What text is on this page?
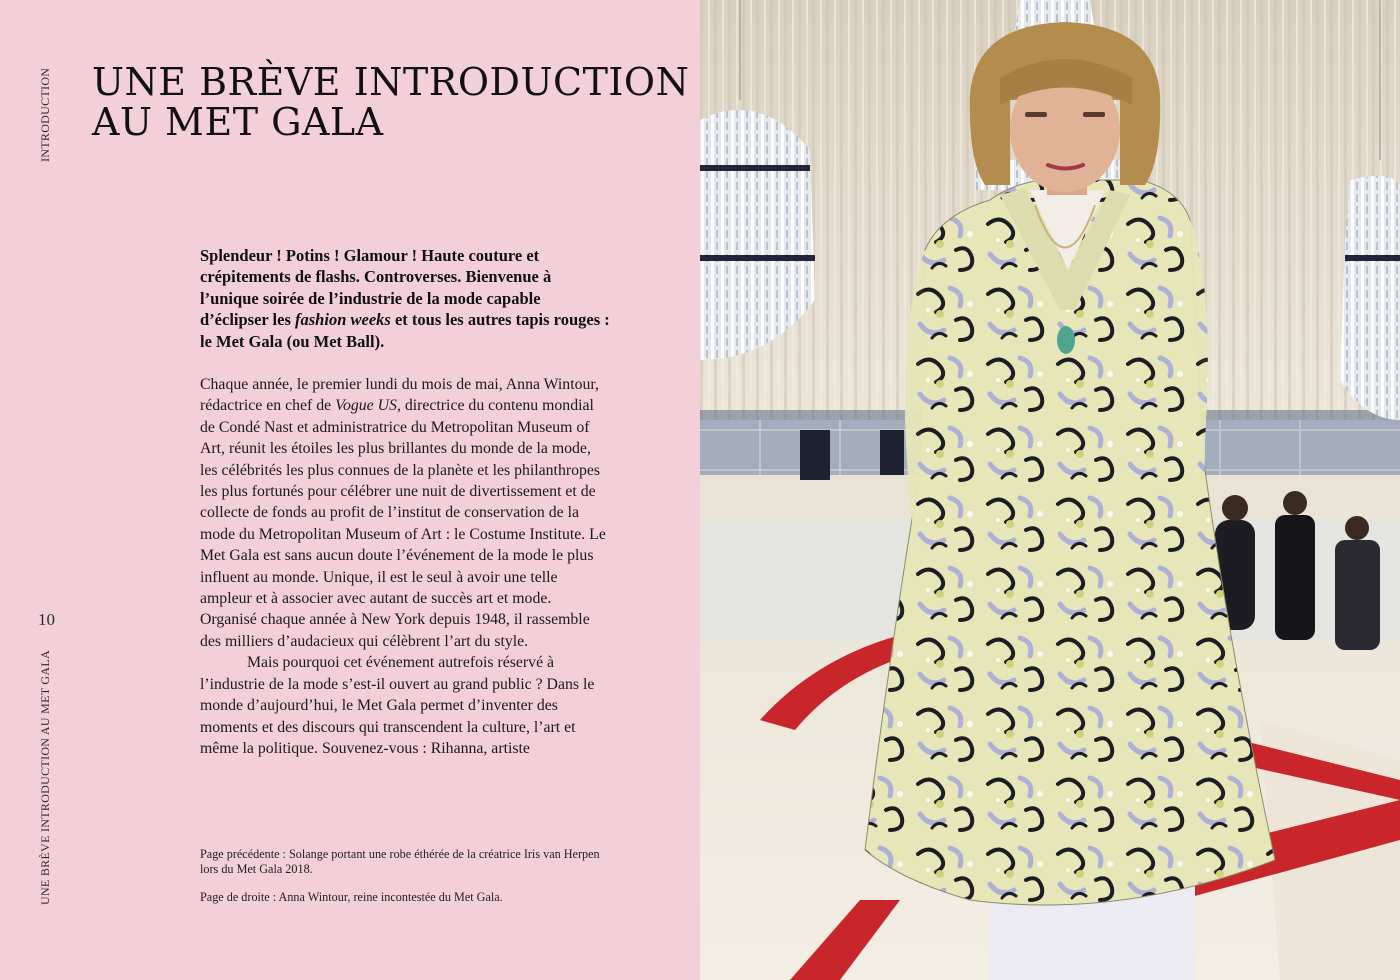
INTRODUCTION
10
UNE BRÈVE INTRODUCTION AU MET GALA
UNE BRÈVE INTRODUCTION
AU MET GALA

Splendeur ! Potins ! Glamour ! Haute couture et crépitements de flashs. Controverses. Bienvenue à l’unique soirée de l’industrie de la mode capable d’éclipser les fashion weeks et tous les autres tapis rouges : le Met Gala (ou Met Ball).

Chaque année, le premier lundi du mois de mai, Anna Wintour, rédactrice en chef de Vogue US, directrice du contenu mondial de Condé Nast et administratrice du Metropolitan Museum of Art, réunit les étoiles les plus brillantes du monde de la mode, les célébrités les plus connues de la planète et les philanthropes les plus fortunés pour célébrer une nuit de divertissement et de collecte de fonds au profit de l’institut de conservation de la mode du Metropolitan Museum of Art : le Costume Institute. Le Met Gala est sans aucun doute l’événement de la mode le plus influent au monde. Unique, il est le seul à avoir une telle ampleur et à associer avec autant de succès art et mode. Organisé chaque année à New York depuis 1948, il rassemble des milliers d’audacieux qui célèbrent l’art du style.

Mais pourquoi cet événement autrefois réservé à l’industrie de la mode s’est-il ouvert au grand public ? Dans le monde d’aujourd’hui, le Met Gala permet d’inventer des moments et des discours qui transcendent la culture, l’art et même la politique. Souvenez-vous : Rihanna, artiste

Page précédente : Solange portant une robe éthérée de la créatrice Iris van Herpen lors du Met Gala 2018.

Page de droite : Anna Wintour, reine incontestée du Met Gala.
